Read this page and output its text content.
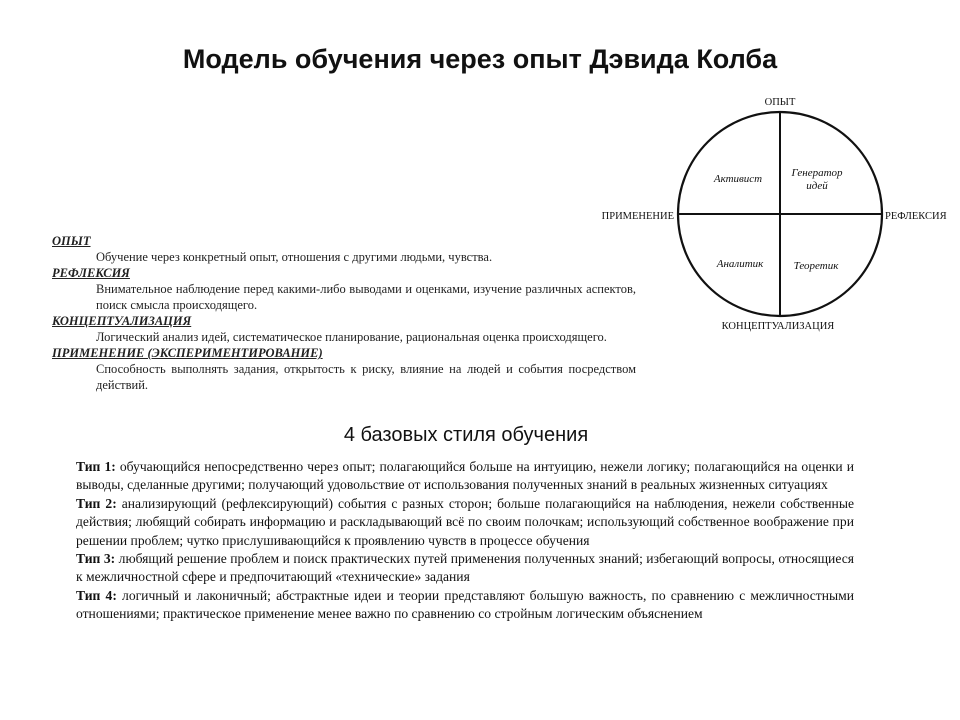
Модель обучения через опыт Дэвида Колба
ОПЫТ
РЕФЛЕКСИЯ
КОНЦЕПТУАЛИЗАЦИЯ
ПРИМЕНЕНИЕ
Активист	Генератор
идей
Аналитик	Теоретик
ОПЫТ
Обучение через конкретный опыт, отношения с другими людьми, чувства.
РЕФЛЕКСИЯ
Внимательное наблюдение перед какими-либо выводами и оценками, изучение различных аспектов, поиск смысла происходящего.
КОНЦЕПТУАЛИЗАЦИЯ
Логический анализ идей, систематическое планирование, рациональная оценка происходящего.
ПРИМЕНЕНИЕ (ЭКСПЕРИМЕНТИРОВАНИЕ)
Способность выполнять задания, открытость к риску, влияние на людей и события посредством действий.
4 базовых стиля обучения

Тип 1: обучающийся непосредственно через опыт; полагающийся больше на интуицию, нежели логику; полагающийся на оценки и выводы, сделанные другими; получающий удовольствие от использования полученных знаний в реальных жизненных ситуациях

Тип 2: анализирующий (рефлексирующий) события с разных сторон; больше полагающийся на наблюдения, нежели собственные действия; любящий собирать информацию и раскладывающий всё по своим полочкам; использующий собственное воображение при решении проблем; чутко прислушивающийся к проявлению чувств в процессе обучения

Тип 3: любящий решение проблем и поиск практических путей применения полученных знаний; избегающий вопросы, относящиеся к межличностной сфере и предпочитающий «технические» задания

Тип 4: логичный и лаконичный; абстрактные идеи и теории представляют большую важность, по сравнению с межличностными отношениями; практическое применение менее важно по сравнению со стройным логическим объяснением
